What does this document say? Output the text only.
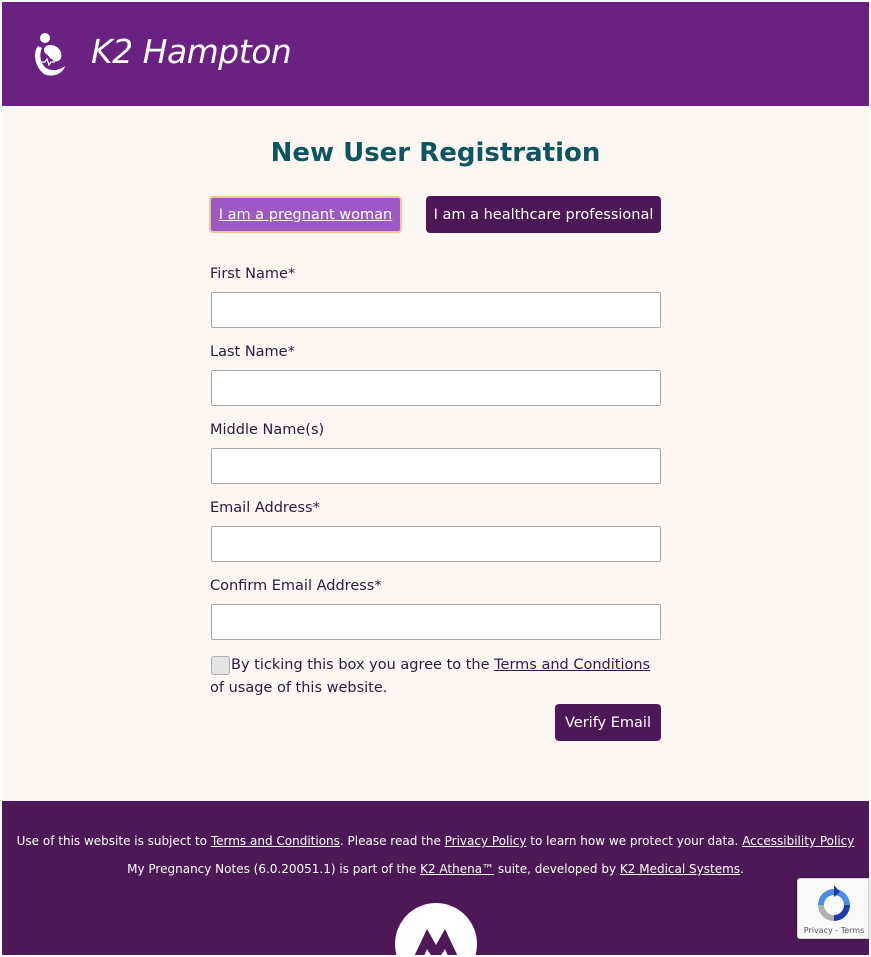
K2 Hampton
New User Registration
I am a pregnant woman	I am a healthcare professional
First Name*
Last Name*
Middle Name(s)
Email Address*
Confirm Email Address*
By ticking this box you agree to the Terms and Conditions
of usage of this website.
Verify Email
Use of this website is subject to Terms and Conditions. Please read the Privacy Policy to learn how we protect your data. Accessibility Policy
My Pregnancy Notes (6.0.20051.1) is part of the K2 Athena™ suite, developed by K2 Medical Systems.
Privacy - Terms
